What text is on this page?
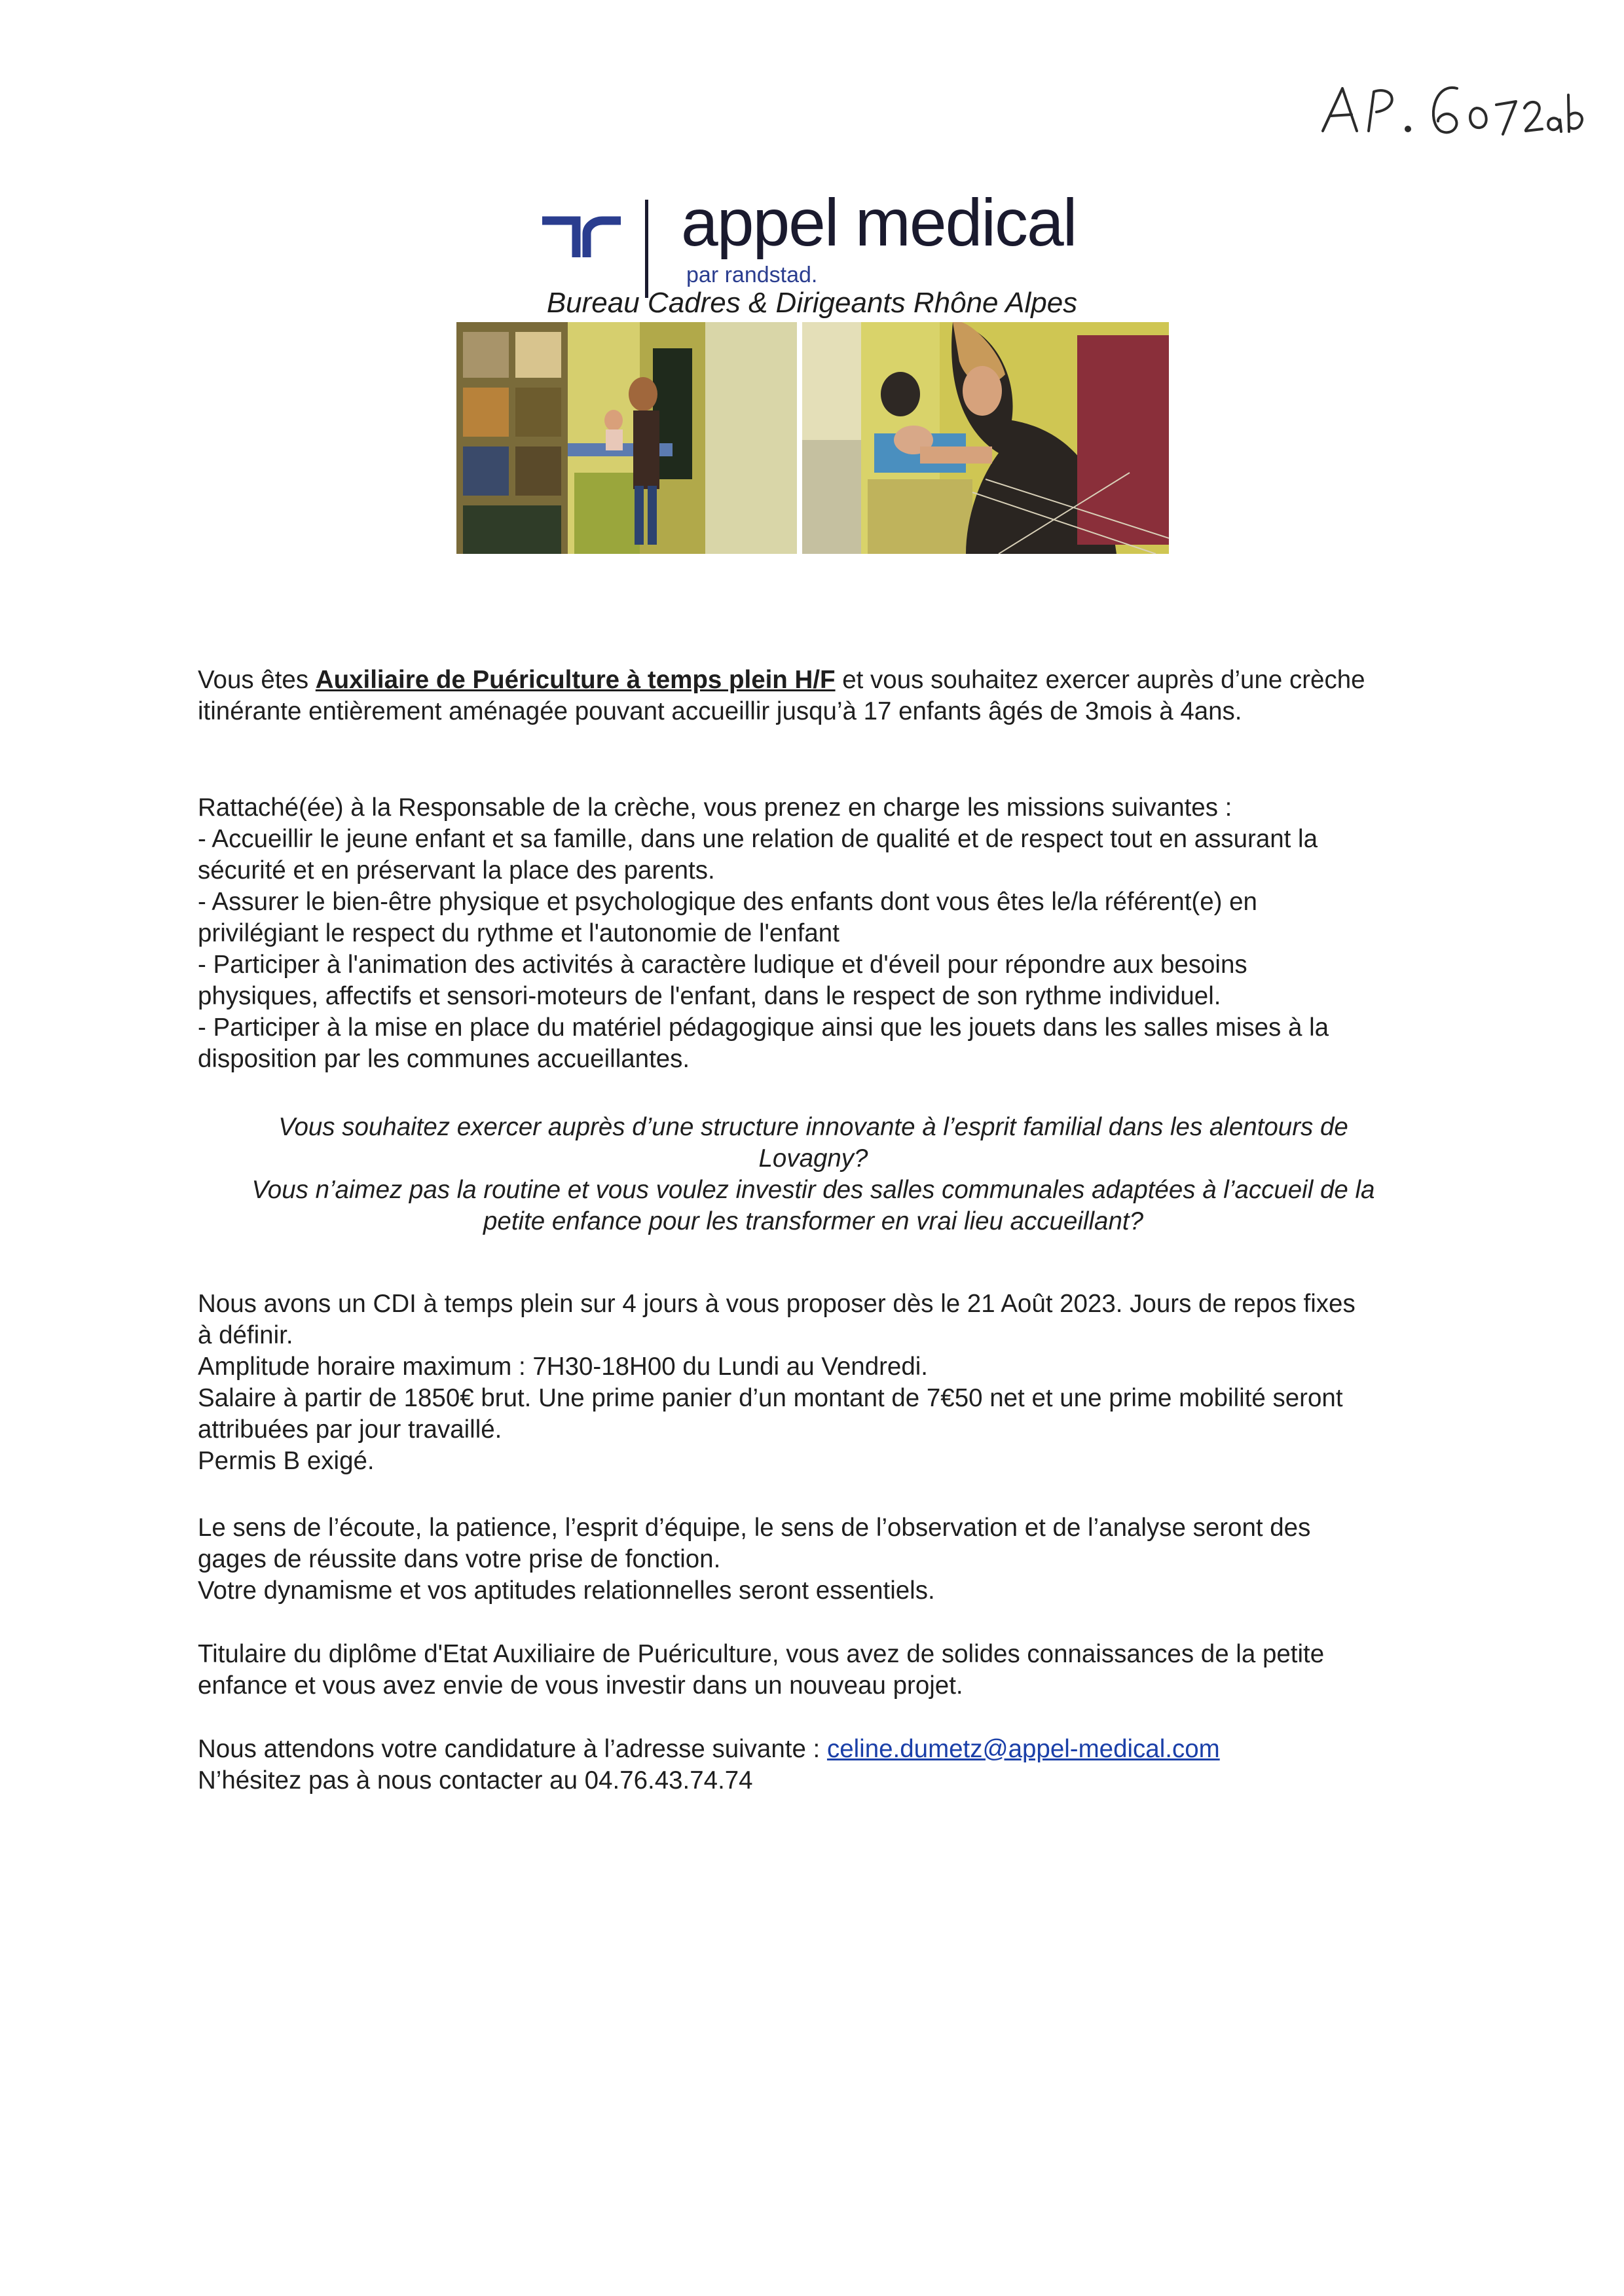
appel medical
par randstad.
Bureau Cadres & Dirigeants Rhône Alpes

Vous êtes Auxiliaire de Puériculture à temps plein H/F et vous souhaitez exercer auprès d’une crèche

itinérante entièrement aménagée pouvant accueillir jusqu’à 17 enfants âgés de 3mois à 4ans.

Rattaché(ée) à la Responsable de la crèche, vous prenez en charge les missions suivantes :

- Accueillir le jeune enfant et sa famille, dans une relation de qualité et de respect tout en assurant la

sécurité et en préservant la place des parents.

- Assurer le bien-être physique et psychologique des enfants dont vous êtes le/la référent(e) en

privilégiant le respect du rythme et l'autonomie de l'enfant

- Participer à l'animation des activités à caractère ludique et d'éveil pour répondre aux besoins

physiques, affectifs et sensori-moteurs de l'enfant, dans le respect de son rythme individuel.

- Participer à la mise en place du matériel pédagogique ainsi que les jouets dans les salles mises à la

disposition par les communes accueillantes.

Vous souhaitez exercer auprès d’une structure innovante à l’esprit familial dans les alentours de

Lovagny?

Vous n’aimez pas la routine et vous voulez investir des salles communales adaptées à l’accueil de la

petite enfance pour les transformer en vrai lieu accueillant?

Nous avons un CDI à temps plein sur 4 jours à vous proposer dès le 21 Août 2023. Jours de repos fixes

à définir.

Amplitude horaire maximum : 7H30-18H00 du Lundi au Vendredi.

Salaire à partir de 1850€ brut. Une prime panier d’un montant de 7€50 net et une prime mobilité seront

attribuées par jour travaillé.

Permis B exigé.

Le sens de l’écoute, la patience, l’esprit d’équipe, le sens de l’observation et de l’analyse seront des

gages de réussite dans votre prise de fonction.

Votre dynamisme et vos aptitudes relationnelles seront essentiels.

Titulaire du diplôme d'Etat Auxiliaire de Puériculture, vous avez de solides connaissances de la petite

enfance et vous avez envie de vous investir dans un nouveau projet.

Nous attendons votre candidature à l’adresse suivante : celine.dumetz@appel-medical.com

N’hésitez pas à nous contacter au 04.76.43.74.74
